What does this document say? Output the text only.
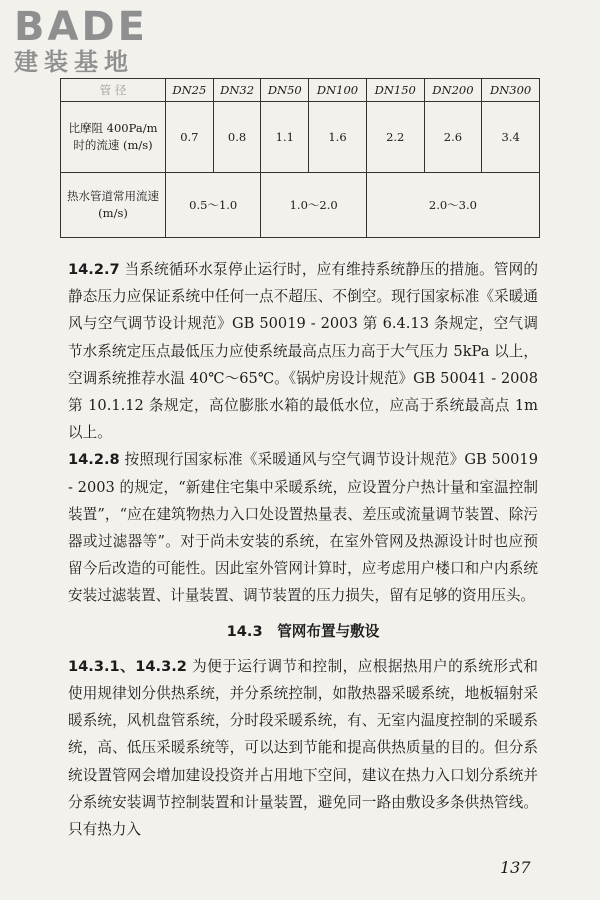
BADE
建装基地
管 径	DN25	DN32	DN50	DN100	DN150	DN200	DN300
比摩阻 400Pa/m 时的流速 (m/s)	0.7	0.8	1.1	1.6	2.2	2.6	3.4
热水管道常用流速 (m/s)	0.5～1.0		1.0～2.0		2.0～3.0		

14.2.7 当系统循环水泵停止运行时，应有维持系统静压的措施。管网的静态压力应保证系统中任何一点不超压、不倒空。现行国家标准《采暖通风与空气调节设计规范》GB 50019 - 2003 第 6.4.13 条规定，空气调节水系统定压点最低压力应使系统最高点压力高于大气压力 5kPa 以上，空调系统推荐水温 40℃～65℃。《锅炉房设计规范》GB 50041 - 2008 第 10.1.12 条规定，高位膨胀水箱的最低水位，应高于系统最高点 1m 以上。

14.2.8 按照现行国家标准《采暖通风与空气调节设计规范》GB 50019 - 2003 的规定，“新建住宅集中采暖系统，应设置分户热计量和室温控制装置”，“应在建筑物热力入口处设置热量表、差压或流量调节装置、除污器或过滤器等”。对于尚未安装的系统，在室外管网及热源设计时也应预留今后改造的可能性。因此室外管网计算时，应考虑用户楼口和户内系统安装过滤装置、计量装置、调节装置的压力损失，留有足够的资用压头。

14.3　管网布置与敷设

14.3.1、14.3.2 为便于运行调节和控制，应根据热用户的系统形式和使用规律划分供热系统，并分系统控制，如散热器采暖系统，地板辐射采暖系统，风机盘管系统，分时段采暖系统，有、无室内温度控制的采暖系统，高、低压采暖系统等，可以达到节能和提高供热质量的目的。但分系统设置管网会增加建设投资并占用地下空间，建议在热力入口划分系统并分系统安装调节控制装置和计量装置，避免同一路由敷设多条供热管线。只有热力入

137
